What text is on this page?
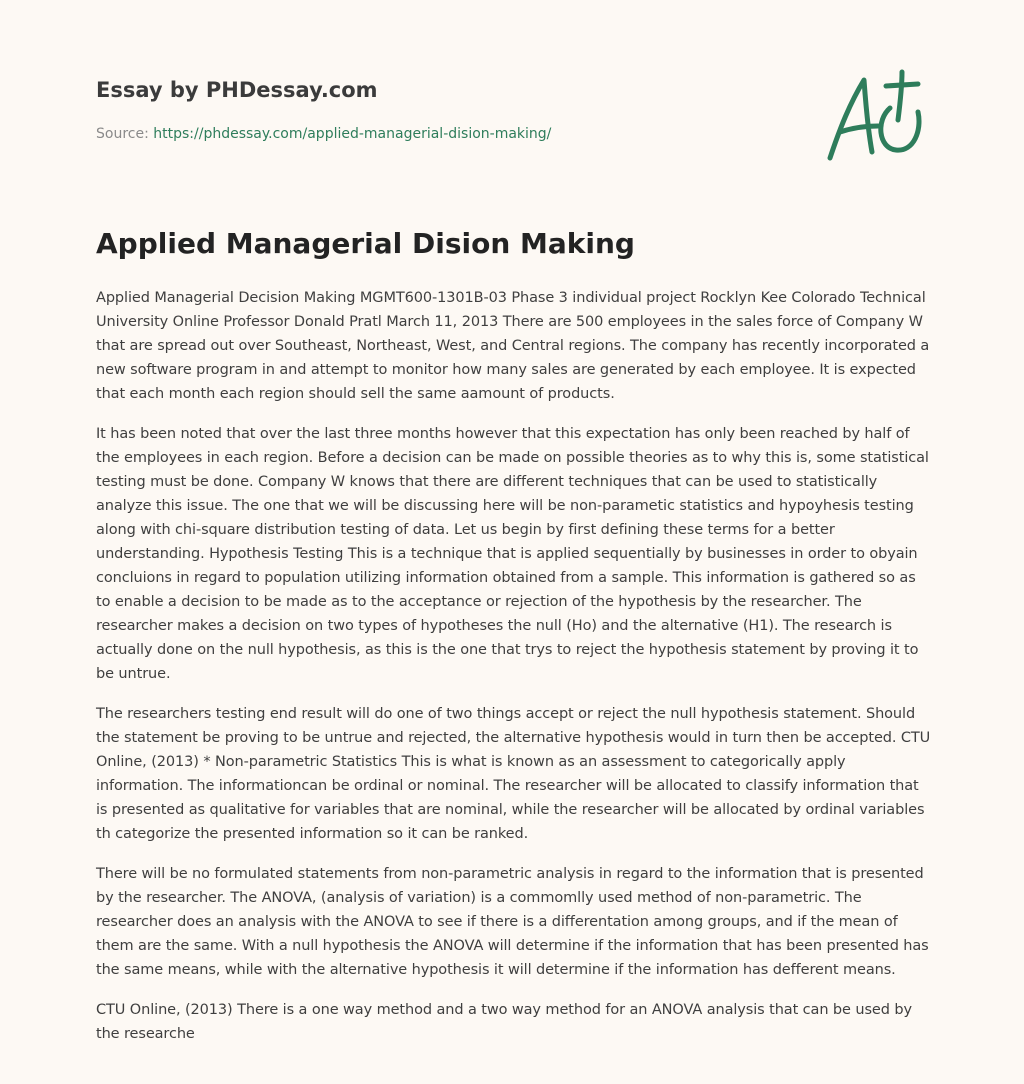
Essay by PHDessay.com
Source: https://phdessay.com/applied-managerial-dision-making/
Applied Managerial Dision Making

Applied Managerial Decision Making MGMT600-1301B-03 Phase 3 individual project Rocklyn Kee Colorado Technical University Online Professor Donald Pratl March 11, 2013 There are 500 employees in the sales force of Company W that are spread out over Southeast, Northeast, West, and Central regions. The company has recently incorporated a new software program in and attempt to monitor how many sales are generated by each employee. It is expected that each month each region should sell the same aamount of products.

It has been noted that over the last three months however that this expectation has only been reached by half of the employees in each region. Before a decision can be made on possible theories as to why this is, some statistical testing must be done. Company W knows that there are different techniques that can be used to statistically analyze this issue. The one that we will be discussing here will be non-parametic statistics and hypoyhesis testing along with chi-square distribution testing of data. Let us begin by first defining these terms for a better understanding. Hypothesis Testing This is a technique that is applied sequentially by businesses in order to obyain concluions in regard to population utilizing information obtained from a sample. This information is gathered so as to enable a decision to be made as to the acceptance or rejection of the hypothesis by the researcher. The researcher makes a decision on two types of hypotheses the null (Ho) and the alternative (H1). The research is actually done on the null hypothesis, as this is the one that trys to reject the hypothesis statement by proving it to be untrue.

The researchers testing end result will do one of two things accept or reject the null hypothesis statement. Should the statement be proving to be untrue and rejected, the alternative hypothesis would in turn then be accepted. CTU Online, (2013) * Non-parametric Statistics This is what is known as an assessment to categorically apply information. The informationcan be ordinal or nominal. The researcher will be allocated to classify information that is presented as qualitative for variables that are nominal, while the researcher will be allocated by ordinal variables th categorize the presented information so it can be ranked.

There will be no formulated statements from non-parametric analysis in regard to the information that is presented by the researcher. The ANOVA, (analysis of variation) is a commomlly used method of non-parametric. The researcher does an analysis with the ANOVA to see if there is a differentation among groups, and if the mean of them are the same. With a null hypothesis the ANOVA will determine if the information that has been presented has the same means, while with the alternative hypothesis it will determine if the information has defferent means.

CTU Online, (2013) There is a one way method and a two way method for an ANOVA analysis that can be used by the researche
